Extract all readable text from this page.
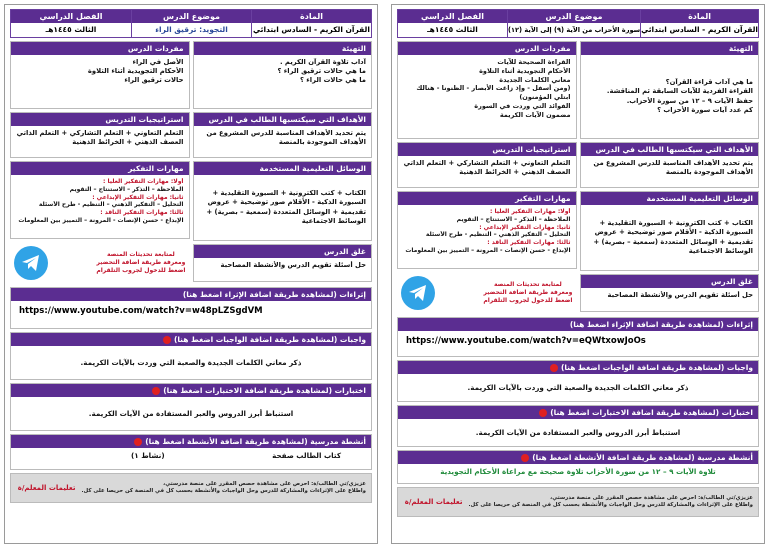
المادة
القرآن الكريم - السادس ابتدائي
موضوع الدرس
التجويد: ترقيق الراء
الفصل الدراسي
الثالث ١٤٤٥هـ
التهيئة
آداب تلاوة القرآن الكريم .
ما هي حالات ترقيق الراء ؟
ما هي حالات الراء ؟
مفردات الدرس
الأصل في الراء
الأحكام التجويدية أثناء التلاوة
حالات ترقيق الراء
الأهداف التي سيكتسبها الطالب في الدرس
يتم تحديد الأهداف المناسبة للدرس المشروع من الأهداف الموجودة بالمنصة
استراتيجيات التدريس
التعلم التعاوني + التعلم التشاركي + التعلم الذاتي
العصف الذهني + الخرائط الذهنية
الوسائل التعليمية المستخدمة
الكتاب + كتب الكترونية + السبورة التقليدية + السبورة الذكية - الأقلام صور توضيحية + عروض تقديمية + الوسائل المتعددة (سمعية – بصرية) + الوسائط الاجتماعية
غلق الدرس
حل أسئلة تقويم الدرس والأنشطة المصاحبة
مهارات التفكير
أولا: مهارات التفكير العليا :
الملاحظة – التذكر – الاستنتاج – التقويم
ثانيا: مهارات التفكير الإبداعي :
التحليل – التفكير الذهني – التنظيم - طرح الأسئلة
ثالثا: مهارات التفكير الناقد :
الإبداع - حسن الإنصات - المرونة – التمييز بين المعلومات
لمتابعة تحديثات المنصة
ومعرفة طريقة اضافة التحضير
اضغط للدخول لجروب التلقرام
إثراءات (لمشاهدة طريقة اضافة الإثراء اضغط هنا)
https://www.youtube.com/watch?v=w48pLZSgdVM
واجبات (لمشاهدة طريقة اضافة الواجبات اضغط هنا)
ذكر معاني الكلمات الجديدة والصعبة التي وردت بالآيات الكريمة.
اختبارات (لمشاهدة طريقة اضافة الاختبارات اضغط هنا)
استنباط أبرز الدروس والعبر المستفادة من الآيات الكريمة.
أنشطة مدرسية (لمشاهدة طريقة اضافة الأنشطة اضغط هنا)
كتاب الطالب صفحة
(نشاط ١)
عزيزي/تي الطالب/ة: احرص على مشاهدة حصص المقرر على منصة مدرستي،
واطلاع على الإثراءات والمشاركة للدرس وحل الواجبات والأنشطة بحسب كل في المنصة كن حريصا على كل.
تعليمات المعلم/ة
المادة
القرآن الكريم - السادس ابتدائي
موضوع الدرس
سورة الأحزاب من الآية (٩) إلى الآية (١٢)
الفصل الدراسي
الثالث ١٤٤٥هـ
التهيئة
ما هي آداب قراءة القرآن؟
القراءة الفردية للآيات السابقة ثم المناقشة.
حفظ الآيات ٩ – ١٢ من سورة الأحزاب.
كم عدد آيات سورة الأحزاب ؟
مفردات الدرس
القراءة الصحيحة للآيات
الأحكام التجويدية أثناء التلاوة
معاني الكلمات الجديدة
(ومن أسفل - وإذ زاغت الأبصار - الظنونا - هنالك ابتلي المؤمنون)
الفوائد التي وردت في السورة
مضمون الآيات الكريمة
الأهداف التي سيكتسبها الطالب في الدرس
يتم تحديد الأهداف المناسبة للدرس المشروع من الأهداف الموجودة بالمنصة
استراتيجيات التدريس
التعلم التعاوني + التعلم التشاركي + التعلم الذاتي
العصف الذهني + الخرائط الذهنية
الوسائل التعليمية المستخدمة
الكتاب + كتب الكترونية + السبورة التقليدية + السبورة الذكية - الأقلام صور توضيحية + عروض تقديمية + الوسائل المتعددة (سمعية – بصرية) + الوسائط الاجتماعية
غلق الدرس
حل أسئلة تقويم الدرس والأنشطة المصاحبة
مهارات التفكير
أولا: مهارات التفكير العليا :
الملاحظة – التذكر – الاستنتاج – التقويم
ثانيا: مهارات التفكير الإبداعي :
التحليل – التفكير الذهني – التنظيم - طرح الأسئلة
ثالثا: مهارات التفكير الناقد :
الإبداع - حسن الإنصات - المرونة – التمييز بين المعلومات
لمتابعة تحديثات المنصة
ومعرفة طريقة اضافة التحضير
اضغط للدخول لجروب التلقرام
إثراءات (لمشاهدة طريقة اضافة الإثراء اضغط هنا)
https://www.youtube.com/watch?v=eQWtxowJoOs
واجبات (لمشاهدة طريقة اضافة الواجبات اضغط هنا)
ذكر معاني الكلمات الجديدة والصعبة التي وردت بالآيات الكريمة.
اختبارات (لمشاهدة طريقة اضافة الاختبارات اضغط هنا)
استنباط أبرز الدروس والعبر المستفادة من الآيات الكريمة.
أنشطة مدرسية (لمشاهدة طريقة اضافة الأنشطة اضغط هنا)
تلاوة الآيات ٩ – ١٢ من سورة الأحزاب تلاوة صحيحة مع مراعاة الأحكام التجويدية
عزيزي/تي الطالب/ة: احرص على مشاهدة حصص المقرر على منصة مدرستي،
واطلاع على الإثراءات والمشاركة للدرس وحل الواجبات والأنشطة بحسب كل في المنصة كن حريصا على كل.
تعليمات المعلم/ة
